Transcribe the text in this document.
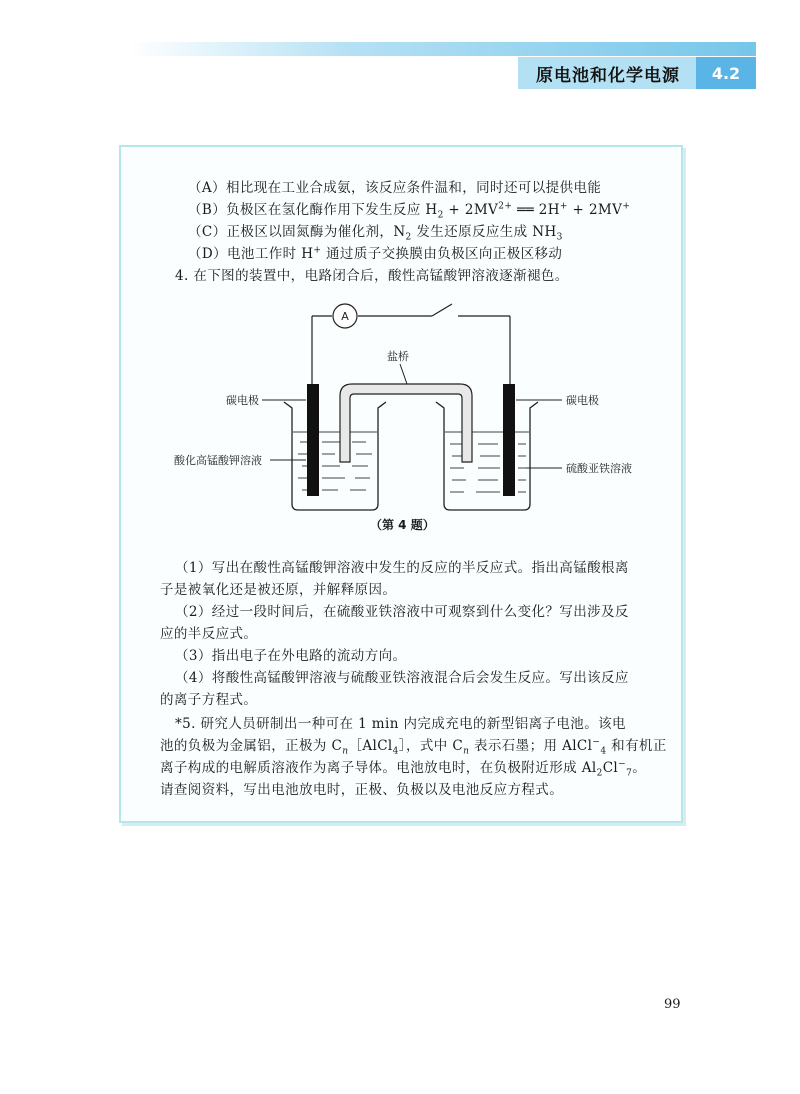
原电池和化学电源	4.2
（A）相比现在工业合成氨，该反应条件温和，同时还可以提供电能
（B）负极区在氢化酶作用下发生反应 $H_2 + 2MV^{2+}$ ══ 2H+ + 2MV+
（C）正极区以固氮酶为催化剂，$N_2$ 发生还原反应生成 $NH_3$
（D）电池工作时 H+ 通过质子交换膜由负极区向正极区移动
4. 在下图的装置中，电路闭合后，酸性高锰酸钾溶液逐渐褪色。
A
盐桥
碳电极	碳电极
酸化高锰酸钾溶液
硫酸亚铁溶液
（第 4 题）
（1）写出在酸性高锰酸钾溶液中发生的反应的半反应式。指出高锰酸根离
子是被氧化还是被还原，并解释原因。
（2）经过一段时间后，在硫酸亚铁溶液中可观察到什么变化？写出涉及反
应的半反应式。
（3）指出电子在外电路的流动方向。
（4）将酸性高锰酸钾溶液与硫酸亚铁溶液混合后会发生反应。写出该反应
的离子方程式。
*5. 研究人员研制出一种可在 1 min 内完成充电的新型铝离子电池。该电
池的负极为金属铝，正极为 $C_n[AlCl_4]$，式中 $C_n$ 表示石墨；用 AlCl−$_4$ 和有机正
离子构成的电解质溶液作为离子导体。电池放电时，在负极附近形成 $Al_2Cl^-_7$。
请查阅资料，写出电池放电时，正极、负极以及电池反应方程式。
99
